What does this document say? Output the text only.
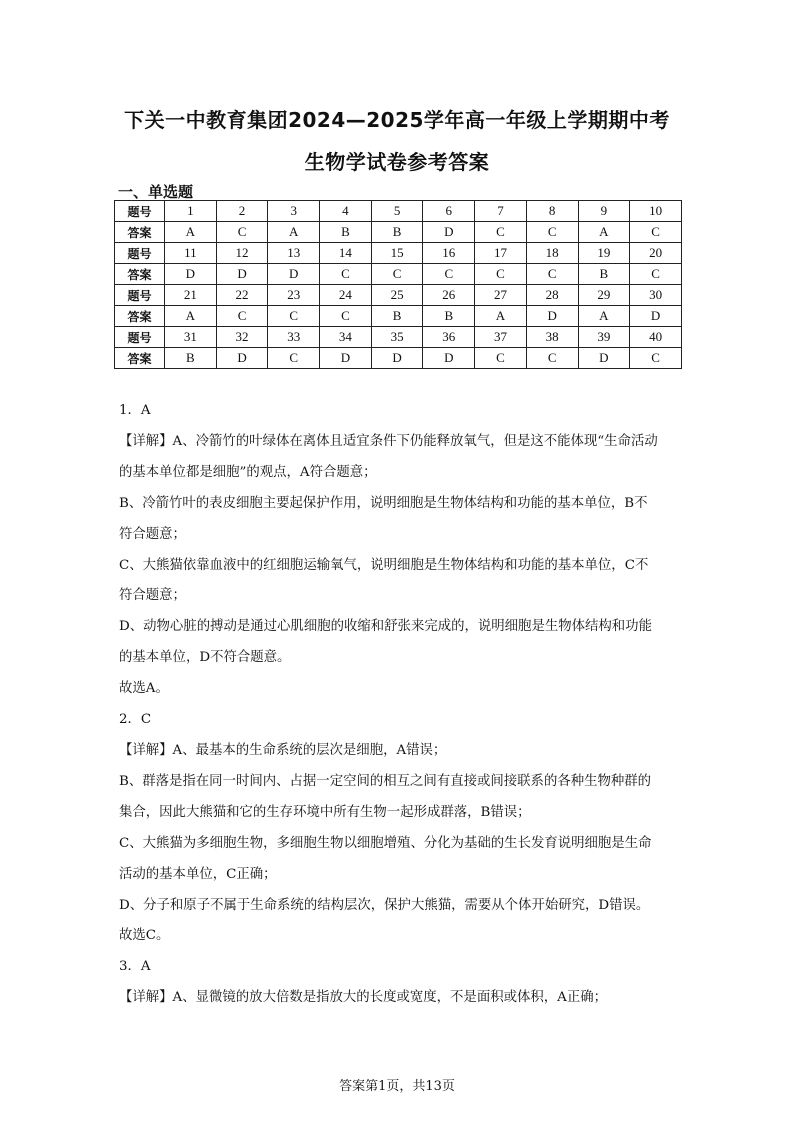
下关一中教育集团2024—2025学年高一年级上学期期中考
生物学试卷参考答案
一、单选题
题号	1	2	3	4	5	6	7	8	9	10
答案	A	C	A	B	B	D	C	C	A	C
题号	11	12	13	14	15	16	17	18	19	20
答案	D	D	D	C	C	C	C	C	B	C
题号	21	22	23	24	25	26	27	28	29	30
答案	A	C	C	C	B	B	A	D	A	D
题号	31	32	33	34	35	36	37	38	39	40
答案	B	D	C	D	D	D	C	C	D	C

1．A

【详解】A、冷箭竹的叶绿体在离体且适宜条件下仍能释放氧气，但是这不能体现“生命活动

的基本单位都是细胞”的观点，A符合题意；

B、冷箭竹叶的表皮细胞主要起保护作用，说明细胞是生物体结构和功能的基本单位，B不

符合题意；

C、大熊猫依靠血液中的红细胞运输氧气，说明细胞是生物体结构和功能的基本单位，C不

符合题意；

D、动物心脏的搏动是通过心肌细胞的收缩和舒张来完成的，说明细胞是生物体结构和功能

的基本单位，D不符合题意。

故选A。

2．C

【详解】A、最基本的生命系统的层次是细胞，A错误；

B、群落是指在同一时间内、占据一定空间的相互之间有直接或间接联系的各种生物种群的

集合，因此大熊猫和它的生存环境中所有生物一起形成群落，B错误；

C、大熊猫为多细胞生物，多细胞生物以细胞增殖、分化为基础的生长发育说明细胞是生命

活动的基本单位，C正确；

D、分子和原子不属于生命系统的结构层次，保护大熊猫，需要从个体开始研究，D错误。

故选C。

3．A

【详解】A、显微镜的放大倍数是指放大的长度或宽度，不是面积或体积，A正确；

答案第1页，共13页
